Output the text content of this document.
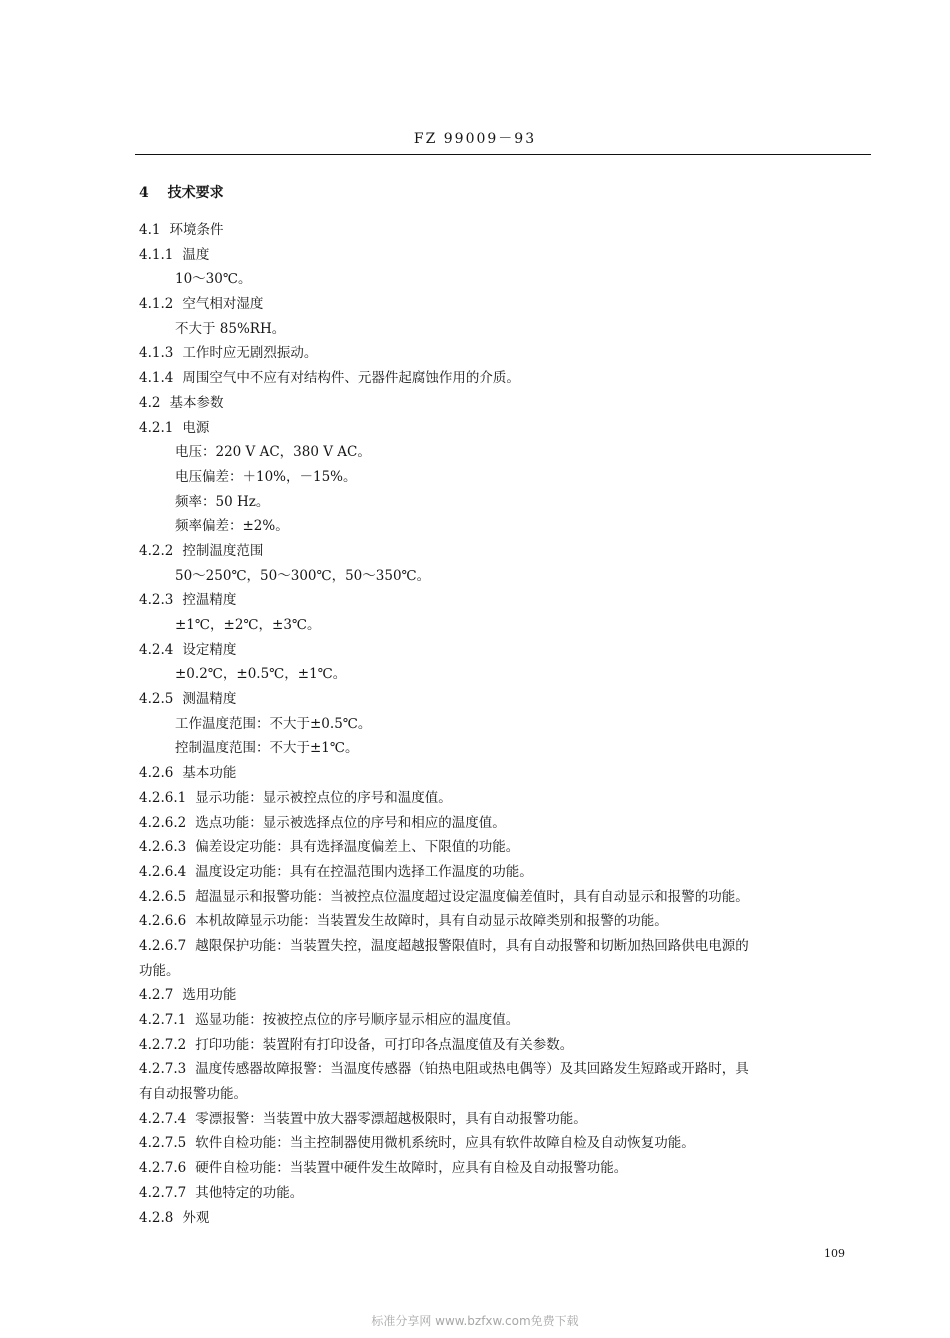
FZ 99009－93
4 技术要求
4.1 环境条件
4.1.1 温度
10～30℃。
4.1.2 空气相对湿度
不大于 85%RH。
4.1.3 工作时应无剧烈振动。
4.1.4 周围空气中不应有对结构件、元器件起腐蚀作用的介质。
4.2 基本参数
4.2.1 电源
电压：220 V AC，380 V AC。
电压偏差：＋10%，－15%。
频率：50 Hz。
频率偏差：±2%。
4.2.2 控制温度范围
50～250℃，50～300℃，50～350℃。
4.2.3 控温精度
±1℃，±2℃，±3℃。
4.2.4 设定精度
±0.2℃，±0.5℃，±1℃。
4.2.5 测温精度
工作温度范围：不大于±0.5℃。
控制温度范围：不大于±1℃。
4.2.6 基本功能
4.2.6.1 显示功能：显示被控点位的序号和温度值。
4.2.6.2 选点功能：显示被选择点位的序号和相应的温度值。
4.2.6.3 偏差设定功能：具有选择温度偏差上、下限值的功能。
4.2.6.4 温度设定功能：具有在控温范围内选择工作温度的功能。
4.2.6.5 超温显示和报警功能：当被控点位温度超过设定温度偏差值时，具有自动显示和报警的功能。
4.2.6.6 本机故障显示功能：当装置发生故障时，具有自动显示故障类别和报警的功能。
4.2.6.7 越限保护功能：当装置失控，温度超越报警限值时，具有自动报警和切断加热回路供电电源的
功能。
4.2.7 选用功能
4.2.7.1 巡显功能：按被控点位的序号顺序显示相应的温度值。
4.2.7.2 打印功能：装置附有打印设备，可打印各点温度值及有关参数。
4.2.7.3 温度传感器故障报警：当温度传感器（铂热电阻或热电偶等）及其回路发生短路或开路时，具
有自动报警功能。
4.2.7.4 零漂报警：当装置中放大器零漂超越极限时，具有自动报警功能。
4.2.7.5 软件自检功能：当主控制器使用微机系统时，应具有软件故障自检及自动恢复功能。
4.2.7.6 硬件自检功能：当装置中硬件发生故障时，应具有自检及自动报警功能。
4.2.7.7 其他特定的功能。
4.2.8 外观
109
标准分享网 www.bzfxw.com免费下载
